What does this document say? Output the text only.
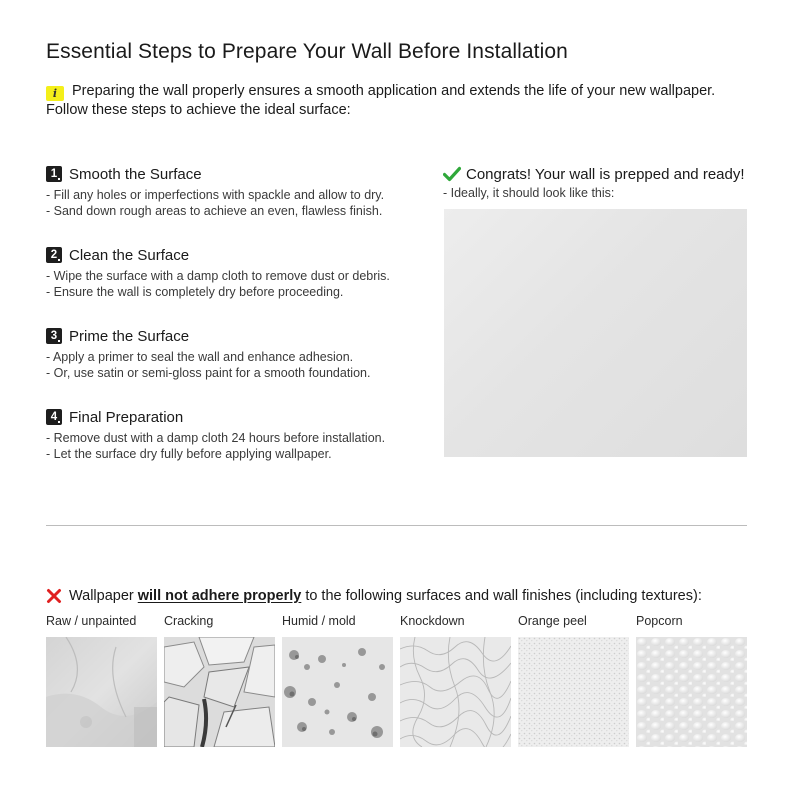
Essential Steps to Prepare Your Wall Before Installation
i Preparing the wall properly ensures a smooth application and extends the life of your new wallpaper. Follow these steps to achieve the ideal surface:
1 Smooth the Surface
- Fill any holes or imperfections with spackle and allow to dry.
- Sand down rough areas to achieve an even, flawless finish.
2 Clean the Surface
- Wipe the surface with a damp cloth to remove dust or debris.
- Ensure the wall is completely dry before proceeding.
3 Prime the Surface
- Apply a primer to seal the wall and enhance adhesion.
- Or, use satin or semi-gloss paint for a smooth foundation.
4 Final Preparation
- Remove dust with a damp cloth 24 hours before installation.
- Let the surface dry fully before applying wallpaper.
Congrats! Your wall is prepped and ready!
- Ideally, it should look like this:
Wallpaper will not adhere properly to the following surfaces and wall finishes (including textures):
Raw / unpainted Cracking	Humid / mold	Knockdown	Orange peel	Popcorn
